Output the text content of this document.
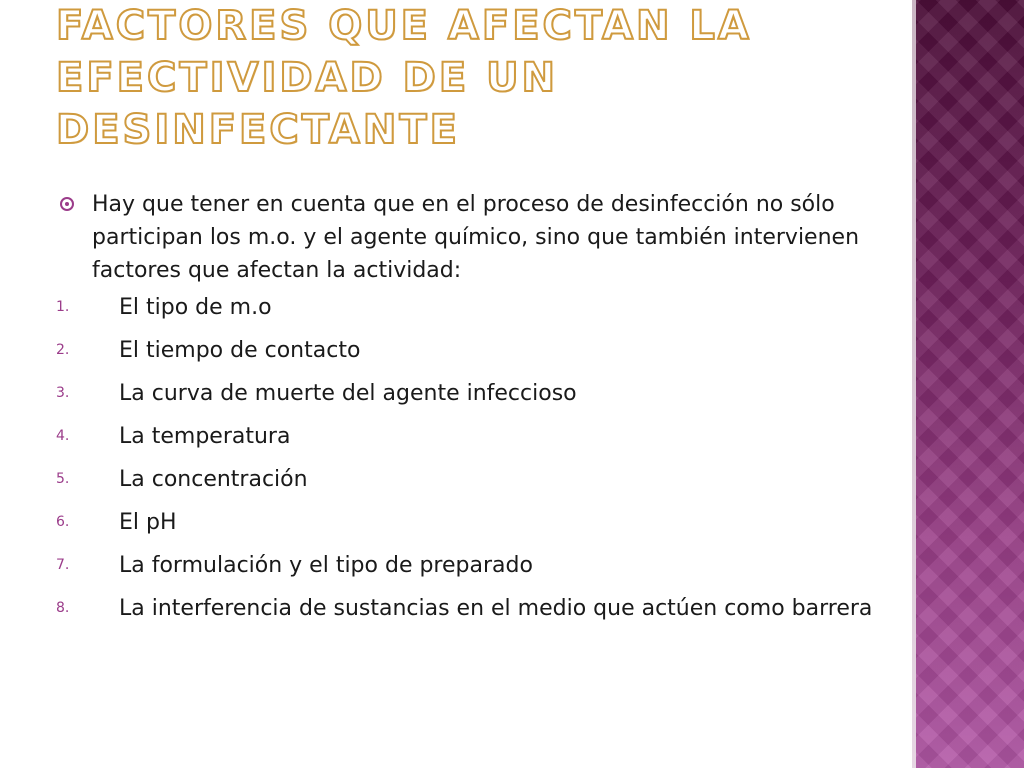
FACTORES QUE AFECTAN LA EFECTIVIDAD DE UN DESINFECTANTE

Hay que tener en cuenta que en el proceso de desinfección no sólo participan los m.o. y el agente químico, sino que también intervienen factores que afectan la actividad:

1. El tipo de m.o
2. El tiempo de contacto
3. La curva de muerte del agente infeccioso
4. La temperatura
5. La concentración
6. El pH
7. La formulación y el tipo de preparado
8. La interferencia de sustancias en el medio que actúen como barrera
